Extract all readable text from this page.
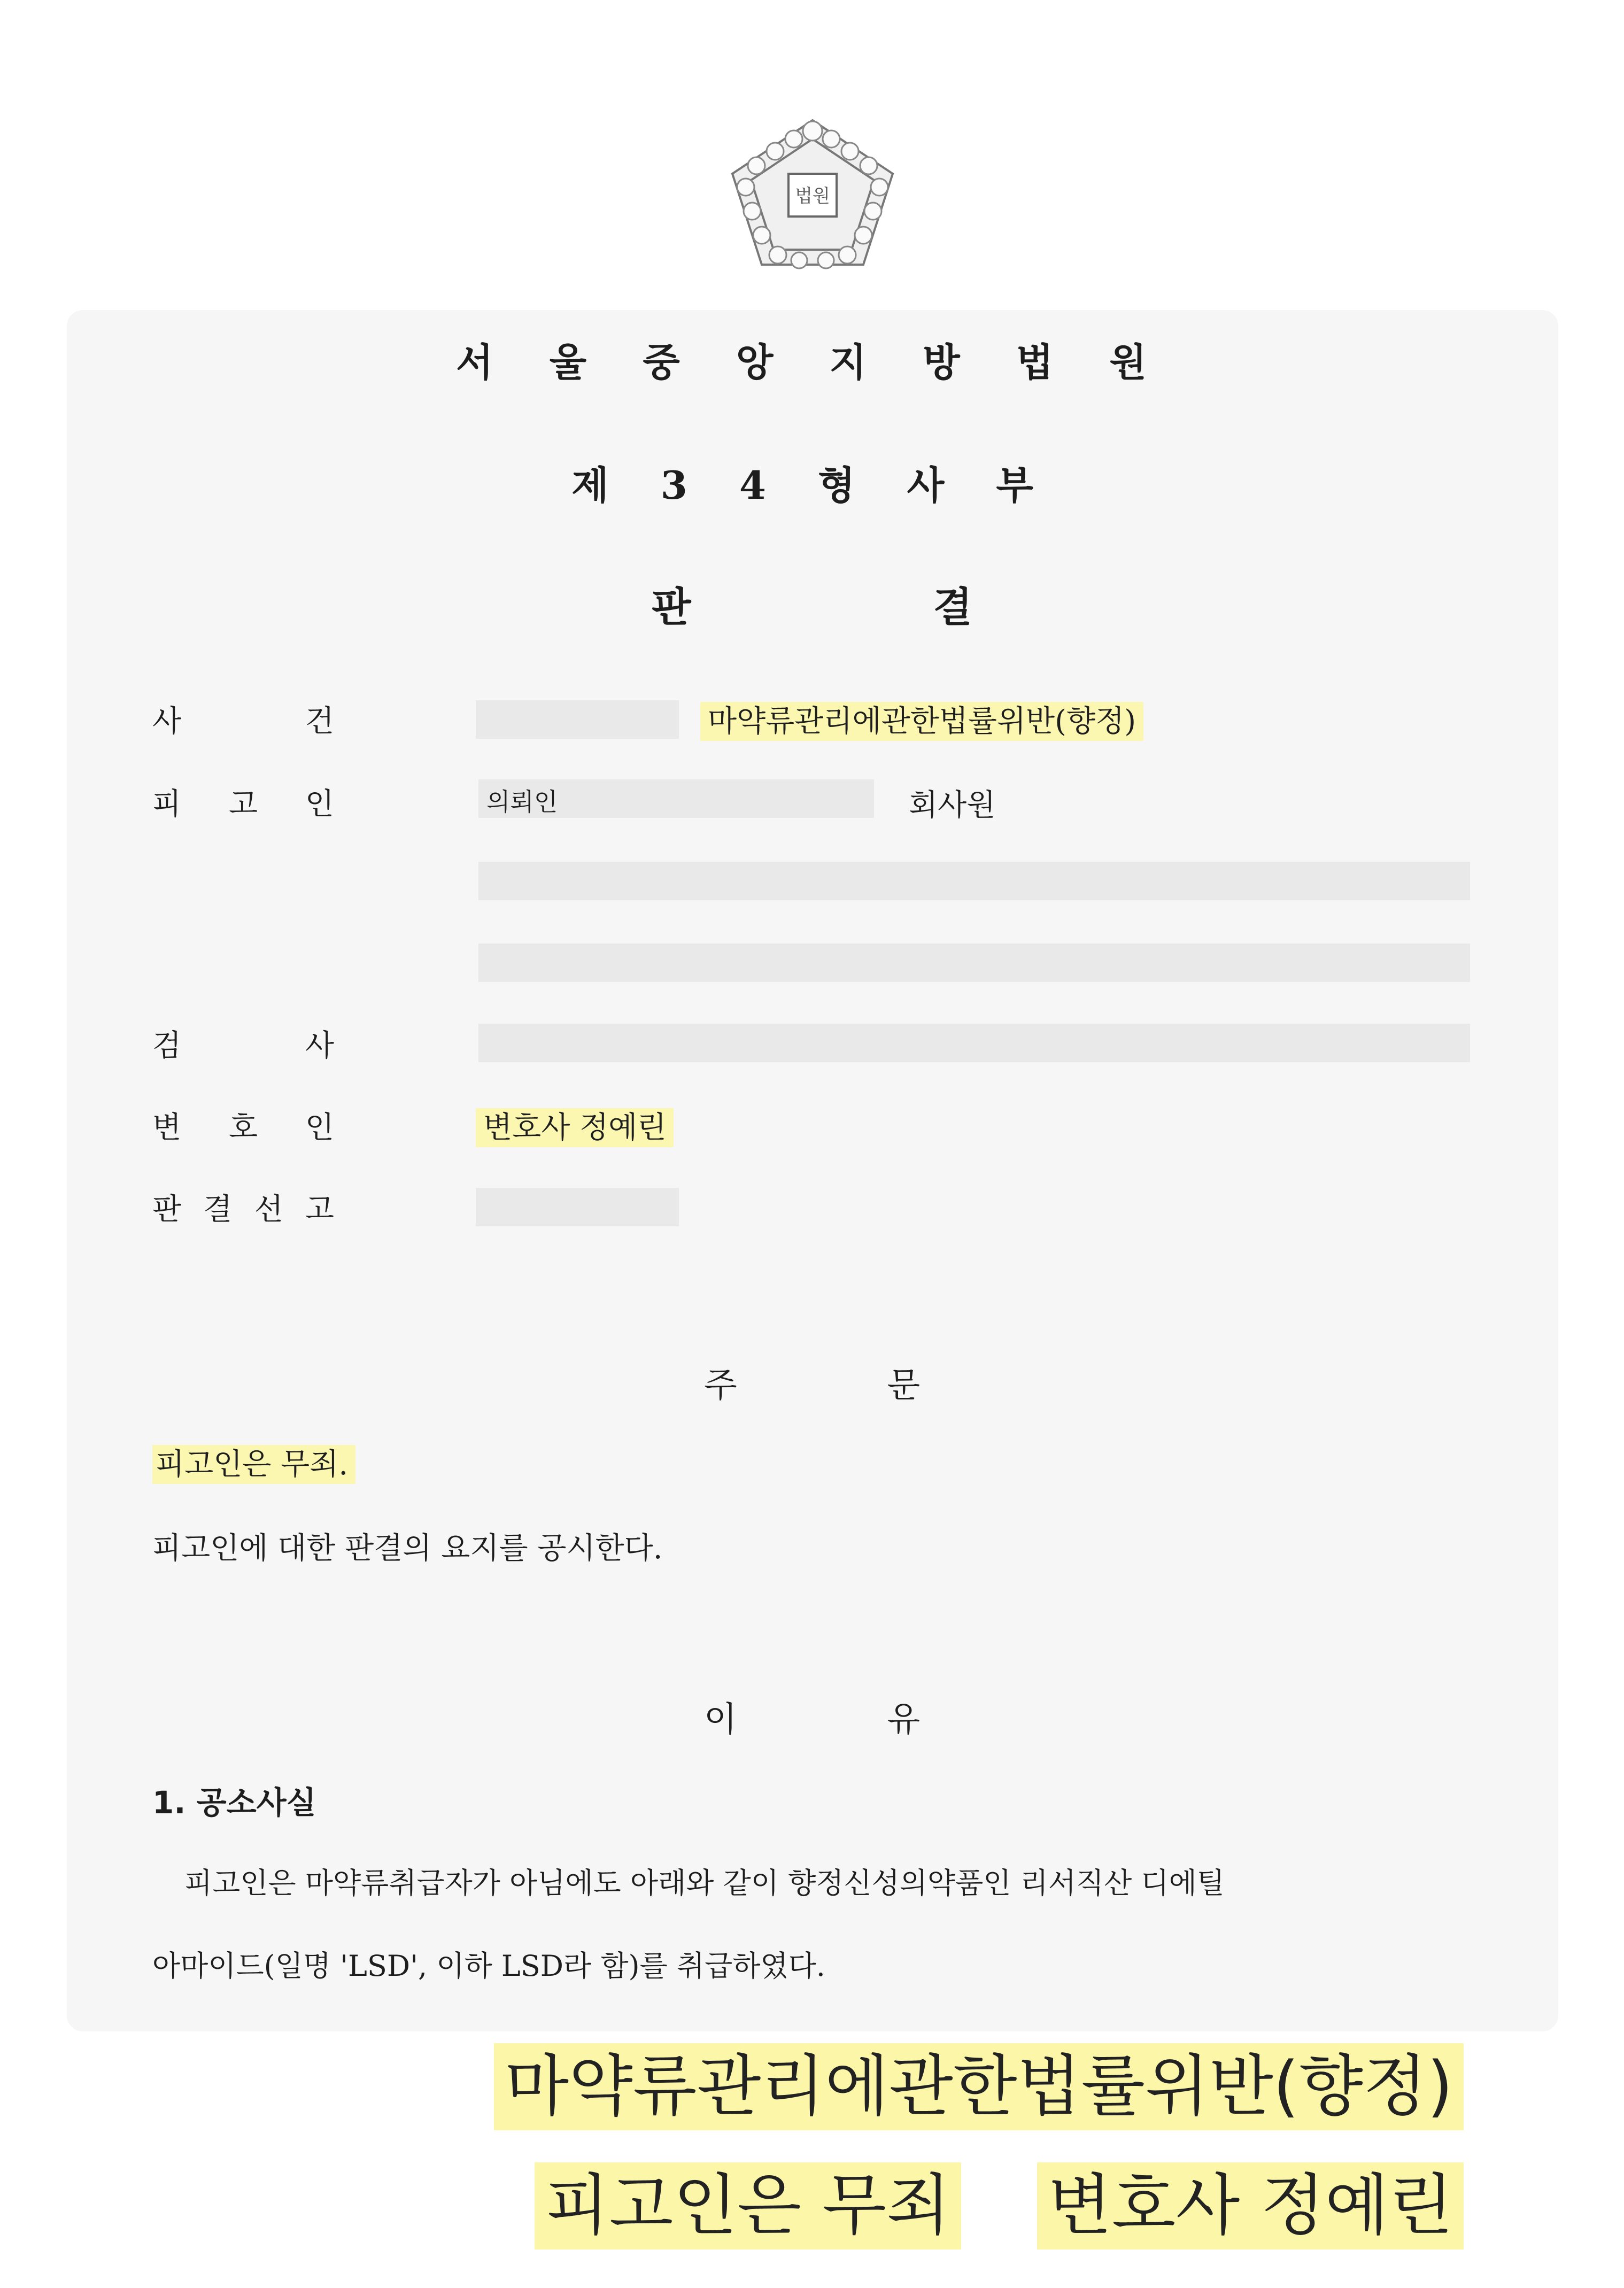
법원
서 울 중 앙 지 방 법 원
제 3 4 형 사 부
판	결
사	건	마약류관리에관한법률위반(향정)
피 고 인	의뢰인	회사원
검	사
변 호 인	변호사 정예린
판 결 선 고
주	문
피고인은 무죄.
피고인에 대한 판결의 요지를 공시한다.
이	유
1. 공소사실
피고인은 마약류취급자가 아님에도 아래와 같이 향정신성의약품인 리서직산 디에틸
아마이드(일명 'LSD', 이하 LSD라 함)를 취급하였다.
마약류관리에관한법률위반(향정)
피고인은 무죄 변호사 정예린
